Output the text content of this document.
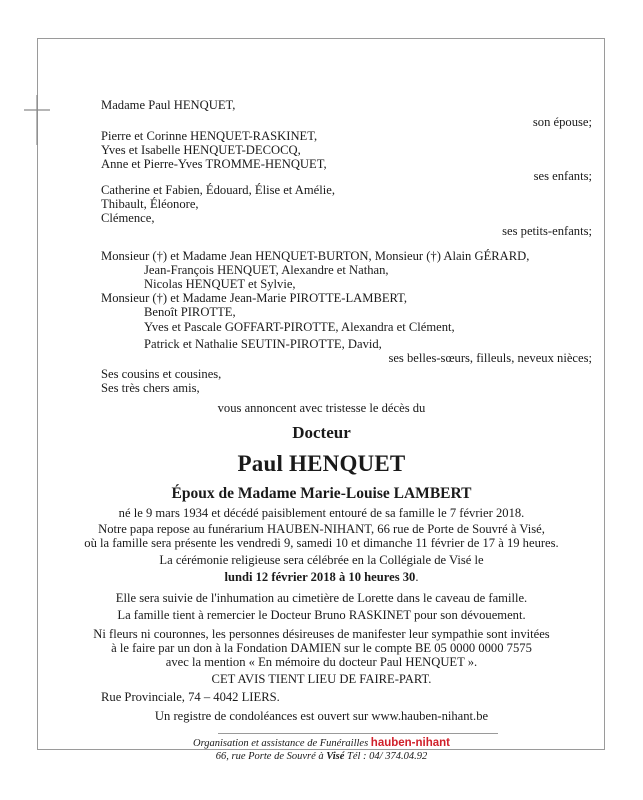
Madame Paul HENQUET,
son épouse;
Pierre et Corinne HENQUET-RASKINET,
Yves et Isabelle HENQUET-DECOCQ,
Anne et Pierre-Yves TROMME-HENQUET,
ses enfants;
Catherine et Fabien, Édouard, Élise et Amélie,
Thibault, Éléonore,
Clémence,
ses petits-enfants;
Monsieur (†) et Madame Jean HENQUET-BURTON, Monsieur (†) Alain GÉRARD,
Jean-François HENQUET, Alexandre et Nathan,
Nicolas HENQUET et Sylvie,
Monsieur (†) et Madame Jean-Marie PIROTTE-LAMBERT,
Benoît PIROTTE,
Yves et Pascale GOFFART-PIROTTE, Alexandra et Clément,
Patrick et Nathalie SEUTIN-PIROTTE, David,
ses belles-sœurs, filleuls, neveux nièces;
Ses cousins et cousines,
Ses très chers amis,
vous annoncent avec tristesse le décès du
Docteur
Paul HENQUET
Époux de Madame Marie-Louise LAMBERT
né le 9 mars 1934 et décédé paisiblement entouré de sa famille le 7 février 2018.
Notre papa repose au funérarium HAUBEN-NIHANT, 66 rue de Porte de Souvré à Visé,
où la famille sera présente les vendredi 9, samedi 10 et dimanche 11 février de 17 à 19 heures.
La cérémonie religieuse sera célébrée en la Collégiale de Visé le
lundi 12 février 2018 à 10 heures 30.
Elle sera suivie de l'inhumation au cimetière de Lorette dans le caveau de famille.
La famille tient à remercier le Docteur Bruno RASKINET pour son dévouement.
Ni fleurs ni couronnes, les personnes désireuses de manifester leur sympathie sont invitées
à le faire par un don à la Fondation DAMIEN sur le compte BE 05 0000 0000 7575
avec la mention « En mémoire du docteur Paul HENQUET ».
CET AVIS TIENT LIEU DE FAIRE-PART.
Rue Provinciale, 74 – 4042 LIERS.
Un registre de condoléances est ouvert sur www.hauben-nihant.be
Organisation et assistance de Funérailles hauben-nihant
66, rue Porte de Souvré à Visé Tél : 04/ 374.04.92
